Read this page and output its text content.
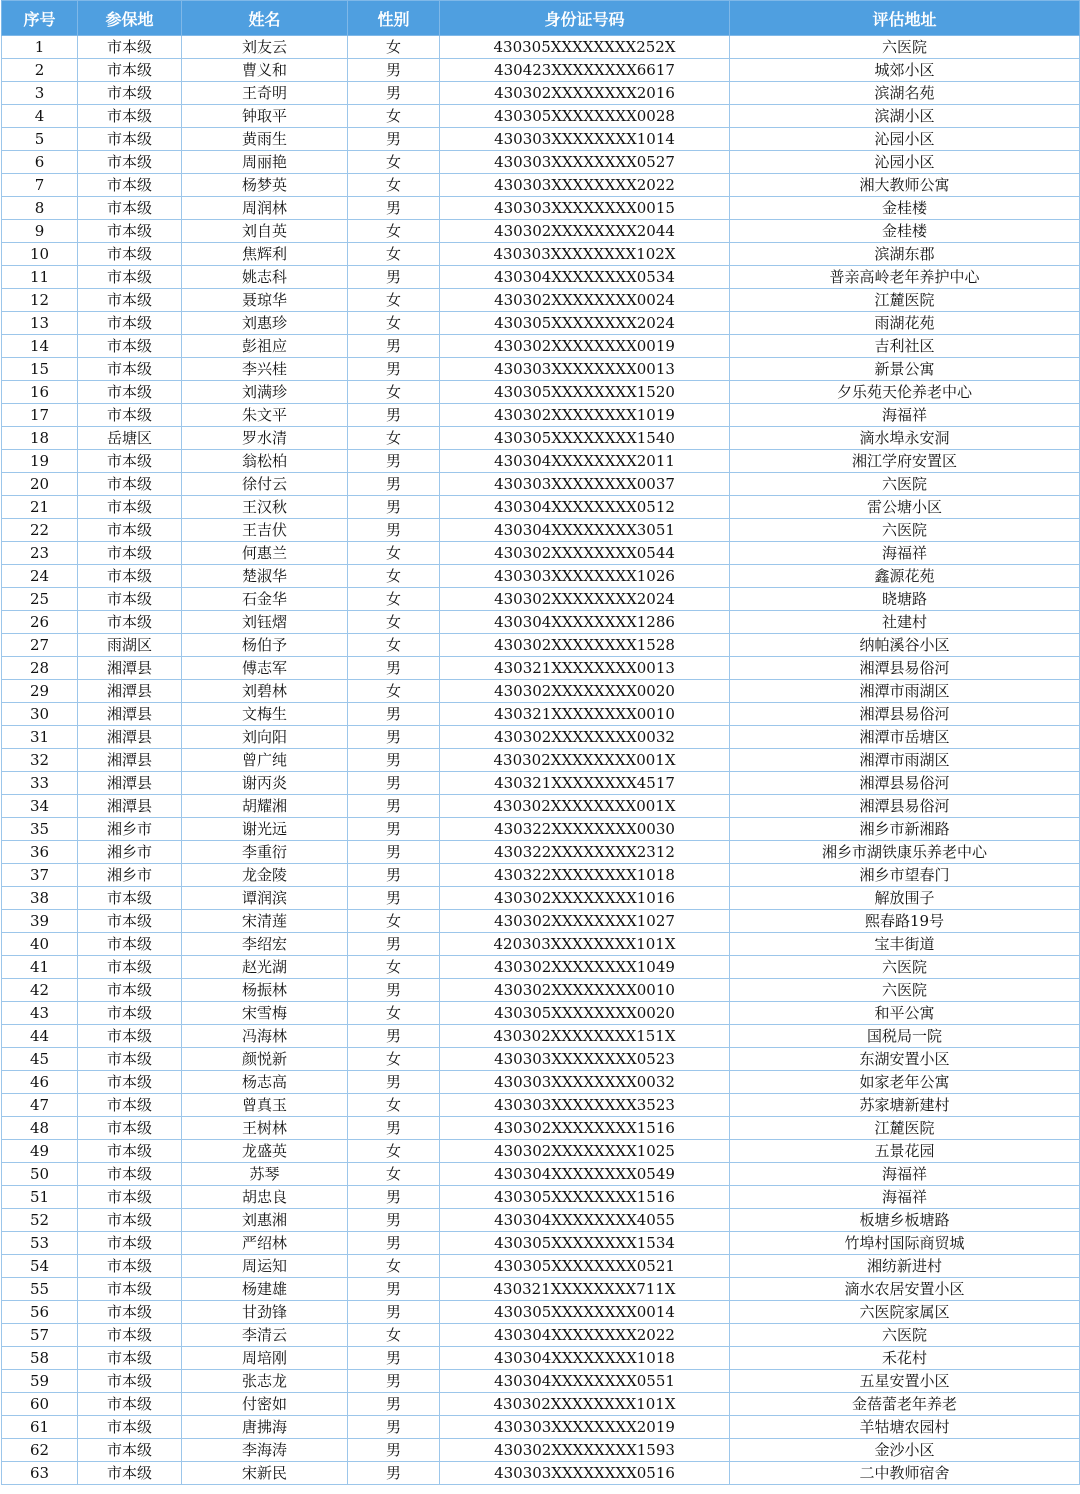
序号	参保地	姓名	性别	身份证号码	评估地址
1	市本级	刘友云	女	430305XXXXXXXX252X	六医院
2	市本级	曹义和	男	430423XXXXXXXX6617	城郊小区
3	市本级	王奇明	男	430302XXXXXXXX2016	滨湖名苑
4	市本级	钟取平	女	430305XXXXXXXX0028	滨湖小区
5	市本级	黄雨生	男	430303XXXXXXXX1014	沁园小区
6	市本级	周丽艳	女	430303XXXXXXXX0527	沁园小区
7	市本级	杨梦英	女	430303XXXXXXXX2022	湘大教师公寓
8	市本级	周润林	男	430303XXXXXXXX0015	金桂楼
9	市本级	刘自英	女	430302XXXXXXXX2044	金桂楼
10	市本级	焦辉利	女	430303XXXXXXXX102X	滨湖东郡
11	市本级	姚志科	男	430304XXXXXXXX0534	普亲高岭老年养护中心
12	市本级	聂琼华	女	430302XXXXXXXX0024	江麓医院
13	市本级	刘惠珍	女	430305XXXXXXXX2024	雨湖花苑
14	市本级	彭祖应	男	430302XXXXXXXX0019	吉利社区
15	市本级	李兴桂	男	430303XXXXXXXX0013	新景公寓
16	市本级	刘满珍	女	430305XXXXXXXX1520	夕乐苑天伦养老中心
17	市本级	朱文平	男	430302XXXXXXXX1019	海福祥
18	岳塘区	罗水清	女	430305XXXXXXXX1540	滴水埠永安洞
19	市本级	翁松柏	男	430304XXXXXXXX2011	湘江学府安置区
20	市本级	徐付云	男	430303XXXXXXXX0037	六医院
21	市本级	王汉秋	男	430304XXXXXXXX0512	雷公塘小区
22	市本级	王吉伏	男	430304XXXXXXXX3051	六医院
23	市本级	何惠兰	女	430302XXXXXXXX0544	海福祥
24	市本级	楚淑华	女	430303XXXXXXXX1026	鑫源花苑
25	市本级	石金华	女	430302XXXXXXXX2024	晓塘路
26	市本级	刘钰熠	女	430304XXXXXXXX1286	社建村
27	雨湖区	杨伯予	女	430302XXXXXXXX1528	纳帕溪谷小区
28	湘潭县	傅志军	男	430321XXXXXXXX0013	湘潭县易俗河
29	湘潭县	刘碧林	女	430302XXXXXXXX0020	湘潭市雨湖区
30	湘潭县	文梅生	男	430321XXXXXXXX0010	湘潭县易俗河
31	湘潭县	刘向阳	男	430302XXXXXXXX0032	湘潭市岳塘区
32	湘潭县	曾广纯	男	430302XXXXXXXX001X	湘潭市雨湖区
33	湘潭县	谢丙炎	男	430321XXXXXXXX4517	湘潭县易俗河
34	湘潭县	胡耀湘	男	430302XXXXXXXX001X	湘潭县易俗河
35	湘乡市	谢光远	男	430322XXXXXXXX0030	湘乡市新湘路
36	湘乡市	李重衍	男	430322XXXXXXXX2312	湘乡市湖铁康乐养老中心
37	湘乡市	龙金陵	男	430322XXXXXXXX1018	湘乡市望春门
38	市本级	谭润滨	男	430302XXXXXXXX1016	解放围子
39	市本级	宋清莲	女	430302XXXXXXXX1027	熙春路19号
40	市本级	李绍宏	男	420303XXXXXXXX101X	宝丰街道
41	市本级	赵光湖	女	430302XXXXXXXX1049	六医院
42	市本级	杨振林	男	430302XXXXXXXX0010	六医院
43	市本级	宋雪梅	女	430305XXXXXXXX0020	和平公寓
44	市本级	冯海林	男	430302XXXXXXXX151X	国税局一院
45	市本级	颜悦新	女	430303XXXXXXXX0523	东湖安置小区
46	市本级	杨志高	男	430303XXXXXXXX0032	如家老年公寓
47	市本级	曾真玉	女	430303XXXXXXXX3523	苏家塘新建村
48	市本级	王树林	男	430302XXXXXXXX1516	江麓医院
49	市本级	龙盛英	女	430302XXXXXXXX1025	五景花园
50	市本级	苏琴	女	430304XXXXXXXX0549	海福祥
51	市本级	胡忠良	男	430305XXXXXXXX1516	海福祥
52	市本级	刘惠湘	男	430304XXXXXXXX4055	板塘乡板塘路
53	市本级	严绍林	男	430305XXXXXXXX1534	竹埠村国际商贸城
54	市本级	周运知	女	430305XXXXXXXX0521	湘纺新进村
55	市本级	杨建雄	男	430321XXXXXXXX711X	滴水农居安置小区
56	市本级	甘劲锋	男	430305XXXXXXXX0014	六医院家属区
57	市本级	李清云	女	430304XXXXXXXX2022	六医院
58	市本级	周培刚	男	430304XXXXXXXX1018	禾花村
59	市本级	张志龙	男	430304XXXXXXXX0551	五星安置小区
60	市本级	付密如	男	430302XXXXXXXX101X	金蓓蕾老年养老
61	市本级	唐拂海	男	430303XXXXXXXX2019	羊牯塘农园村
62	市本级	李海涛	男	430302XXXXXXXX1593	金沙小区
63	市本级	宋新民	男	430303XXXXXXXX0516	二中教师宿舍
